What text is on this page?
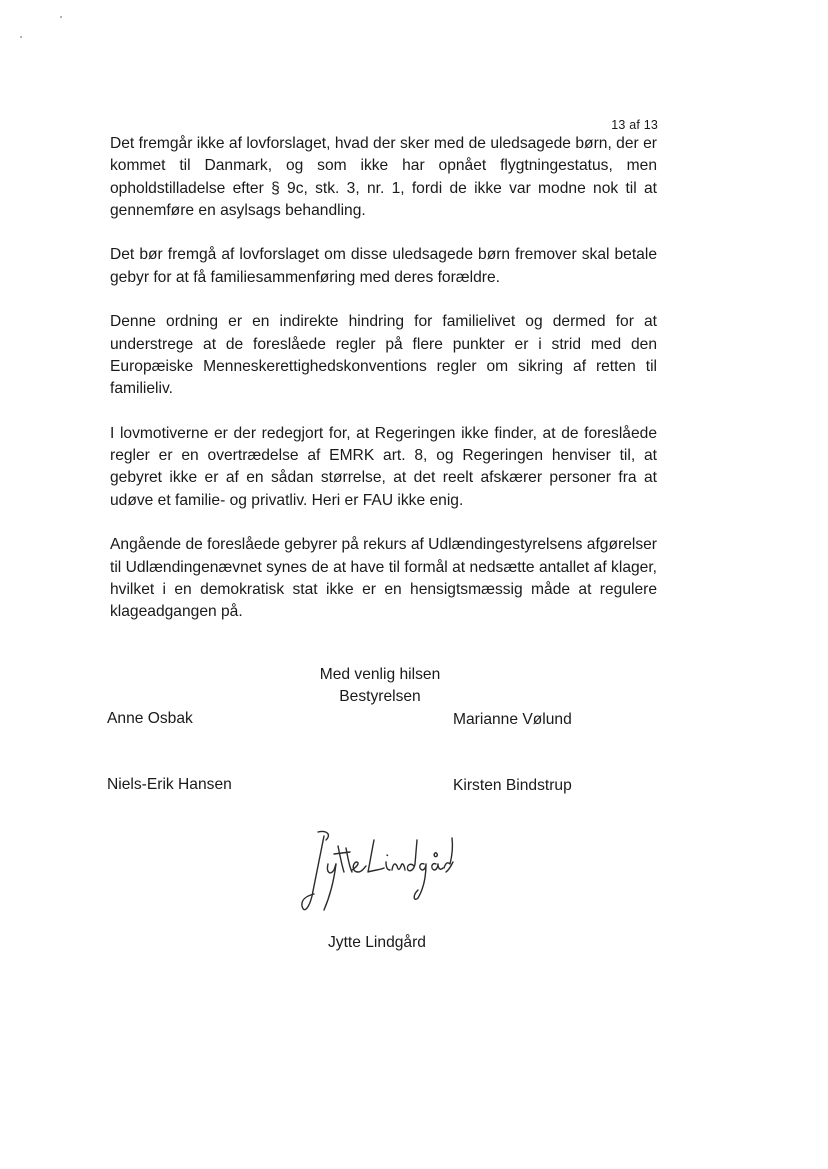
13 af 13

Det fremgår ikke af lovforslaget, hvad der sker med de uledsagede børn, der er kommet til Danmark, og som ikke har opnået flygtningestatus, men opholdstilladelse efter § 9c, stk. 3, nr. 1, fordi de ikke var modne nok til at gennemføre en asylsags behandling.

Det bør fremgå af lovforslaget om disse uledsagede børn fremover skal betale gebyr for at få familiesammenføring med deres forældre.

Denne ordning er en indirekte hindring for familielivet og dermed for at understrege at de foreslåede regler på flere punkter er i strid med den Europæiske Menneskerettighedskonventions regler om sikring af retten til familieliv.

I lovmotiverne er der redegjort for, at Regeringen ikke finder, at de foreslåede regler er en overtrædelse af EMRK art. 8, og Regeringen henviser til, at gebyret ikke er af en sådan størrelse, at det reelt afskærer personer fra at udøve et familie- og privatliv. Heri er FAU ikke enig.

Angående de foreslåede gebyrer på rekurs af Udlændingestyrelsens afgørelser til Udlændingenævnet synes de at have til formål at nedsætte antallet af klager, hvilket i en demokratisk stat ikke er en hensigtsmæssig måde at regulere klageadgangen på.

Med venlig hilsen
Bestyrelsen
Anne Osbak	Marianne Vølund
Niels-Erik Hansen	Kirsten Bindstrup
Jytte Lindgård
